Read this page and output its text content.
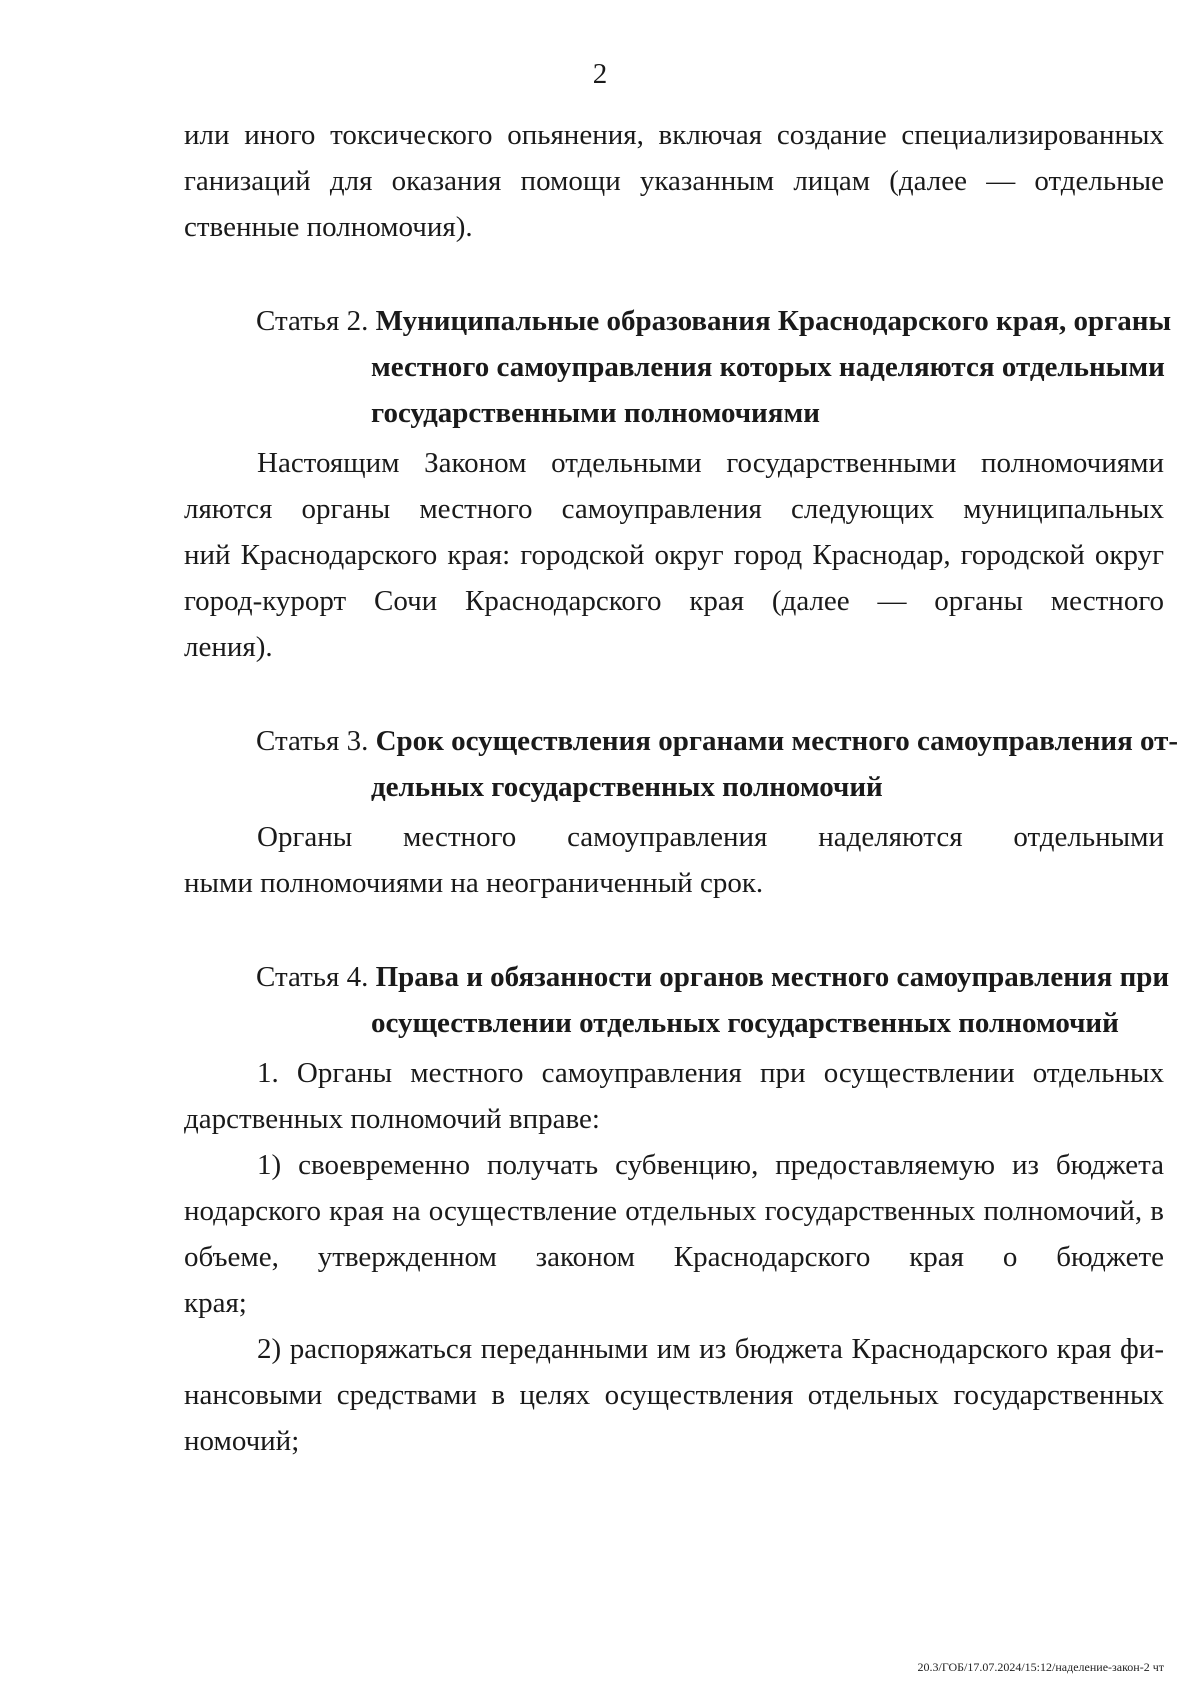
2
или иного токсического опьянения, включая создание специализированных
ганизаций для оказания помощи указанным лицам (далее — отдельные
ственные полномочия).
Статья 2. Муниципальные образования Краснодарского края, органы
местного самоуправления которых наделяются отдельными
государственными полномочиями
Настоящим Законом отдельными государственными полномочиями
ляются органы местного самоуправления следующих муниципальных
ний Краснодарского края: городской округ город Краснодар, городской округ
город-курорт Сочи Краснодарского края (далее — органы местного
ления).
Статья 3. Срок осуществления органами местного самоуправления от-
дельных государственных полномочий
Органы местного самоуправления наделяются отдельными
ными полномочиями на неограниченный срок.
Статья 4. Права и обязанности органов местного самоуправления при
осуществлении отдельных государственных полномочий
1. Органы местного самоуправления при осуществлении отдельных
дарственных полномочий вправе:
1) своевременно получать субвенцию, предоставляемую из бюджета
нодарского края на осуществление отдельных государственных полномочий, в
объеме, утвержденном законом Краснодарского края о бюджете
края;
2) распоряжаться переданными им из бюджета Краснодарского края фи-
нансовыми средствами в целях осуществления отдельных государственных
номочий;
20.3/ГОБ/17.07.2024/15:12/наделение-закон-2 чт
